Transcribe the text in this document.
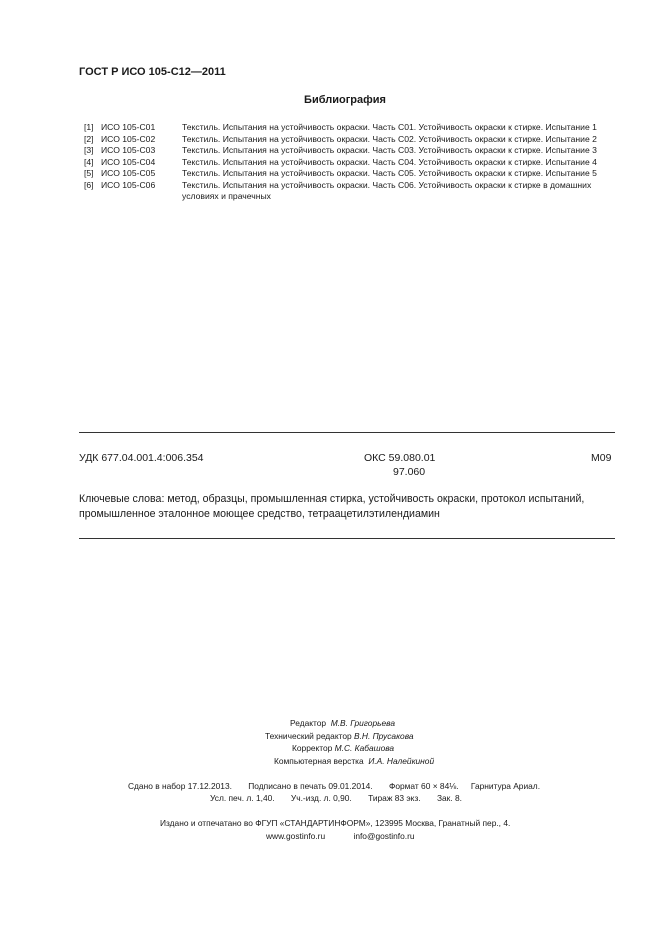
ГОСТ Р ИСО 105-С12—2011
Библиография
[1] ИСО 105-С01	Текстиль. Испытания на устойчивость окраски. Часть С01. Устойчивость окраски к стирке. Испытание 1
[2] ИСО 105-С02	Текстиль. Испытания на устойчивость окраски. Часть С02. Устойчивость окраски к стирке. Испытание 2
[3] ИСО 105-С03	Текстиль. Испытания на устойчивость окраски. Часть С03. Устойчивость окраски к стирке. Испытание 3
[4] ИСО 105-С04	Текстиль. Испытания на устойчивость окраски. Часть С04. Устойчивость окраски к стирке. Испытание 4
[5] ИСО 105-С05	Текстиль. Испытания на устойчивость окраски. Часть С05. Устойчивость окраски к стирке. Испытание 5
[6] ИСО 105-С06	Текстиль. Испытания на устойчивость окраски. Часть С06. Устойчивость окраски к стирке в домашних условиях и прачечных
УДК 677.04.001.4:006.354	ОКС 59.080.01
97.060
М09
Ключевые слова: метод, образцы, промышленная стирка, устойчивость окраски, протокол испытаний, промышленное эталонное моющее средство, тетраацетилэтилендиамин
Редактор М.В. Григорьева
Технический редактор В.Н. Прусакова
Корректор М.С. Кабашова
Компьютерная верстка И.А. Налейкиной
Сдано в набор 17.12.2013. Подписано в печать 09.01.2014. Формат 60 × 84⅛. Гарнитура Ариал.
Усл. печ. л. 1,40. Уч.-изд. л. 0,90. Тираж 83 экз. Зак. 8.
Издано и отпечатано во ФГУП «СТАНДАРТИНФОРМ», 123995 Москва, Гранатный пер., 4.
www.gostinfo.ru	info@gostinfo.ru
